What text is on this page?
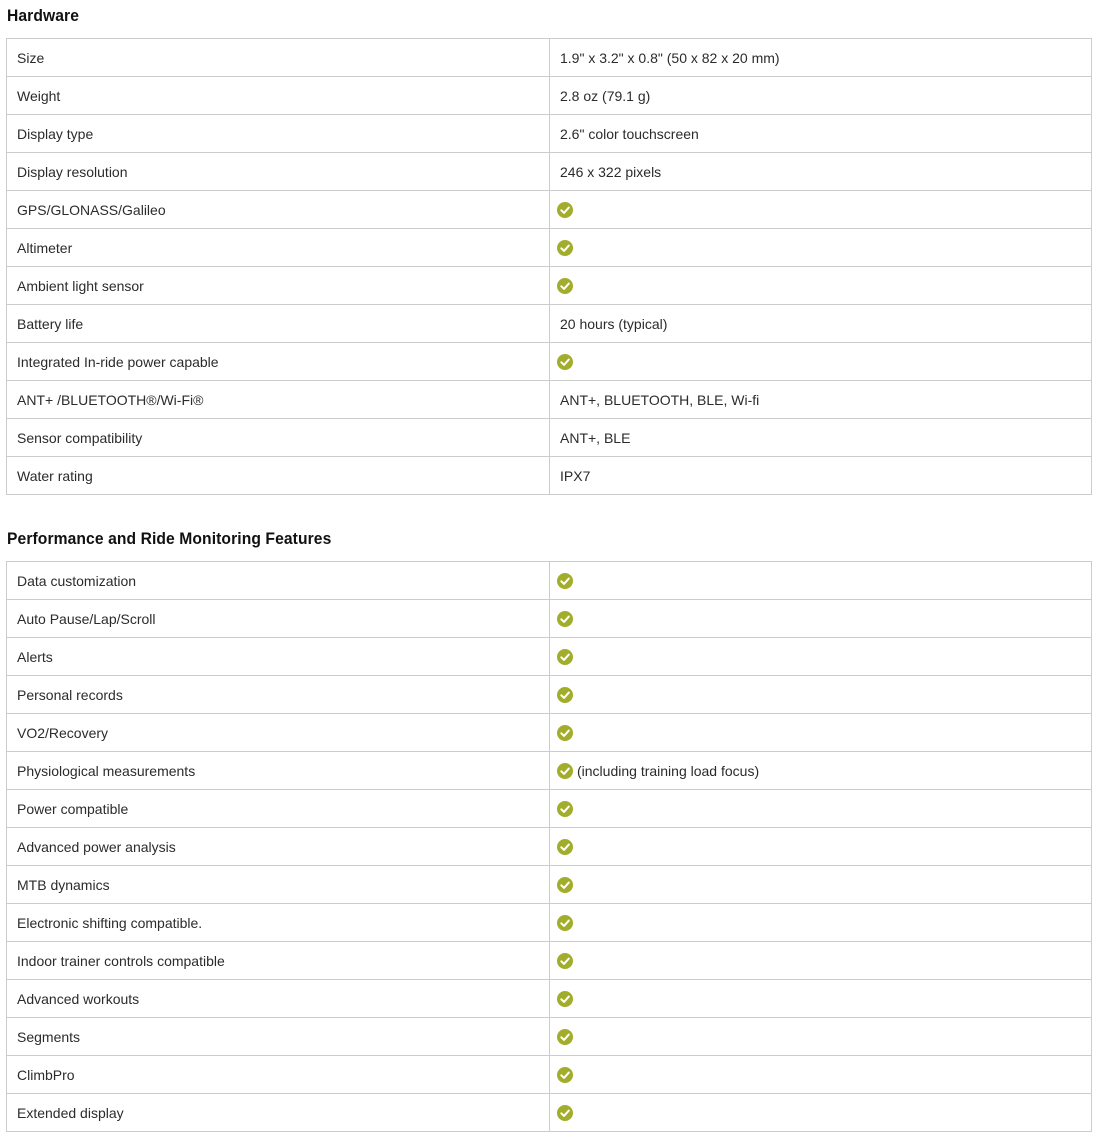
Hardware
Size	1.9" x 3.2" x 0.8" (50 x 82 x 20 mm)

Weight	2.8 oz (79.1 g)

Display type	2.6" color touchscreen

Display resolution	246 x 322 pixels

GPS/GLONASS/Galileo	

Altimeter	

Ambient light sensor	

Battery life	20 hours (typical)

Integrated In-ride power capable	

ANT+ /BLUETOOTH®/Wi-Fi®	ANT+, BLUETOOTH, BLE, Wi-fi

Sensor compatibility	ANT+, BLE

Water rating	IPX7
Performance and Ride Monitoring Features
Data customization	

Auto Pause/Lap/Scroll	

Alerts	

Personal records	

VO2/Recovery	

Physiological measurements	(including training load focus)

Power compatible	

Advanced power analysis	

MTB dynamics	

Electronic shifting compatible.	

Indoor trainer controls compatible	

Advanced workouts	

Segments	

ClimbPro	

Extended display	
